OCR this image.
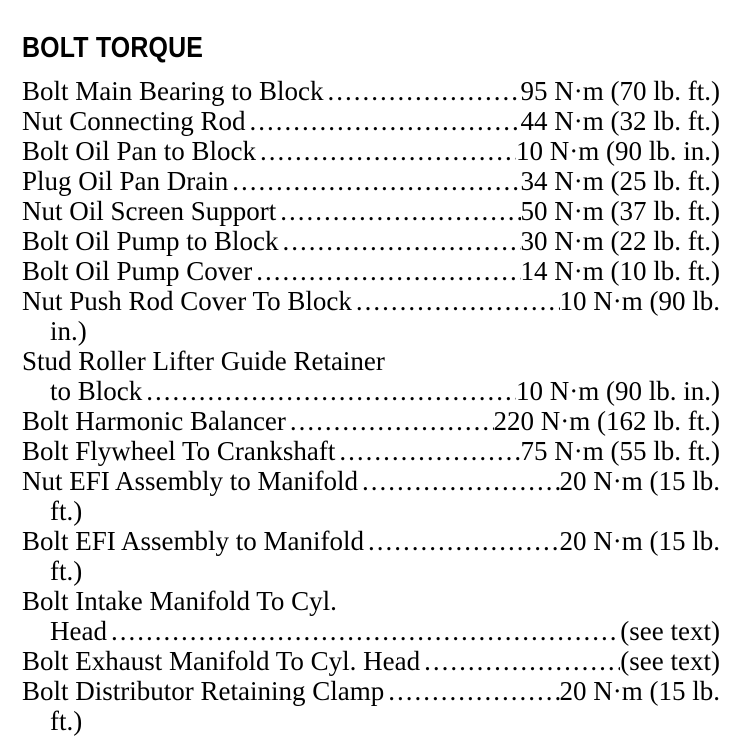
BOLT TORQUE
Bolt Main Bearing to Block .....	95 N·m (70 lb. ft.)
Nut Connecting Rod .....	44 N·m (32 lb. ft.)
Bolt Oil Pan to Block .....	10 N·m (90 lb. in.)
Plug Oil Pan Drain .....	34 N·m (25 lb. ft.)
Nut Oil Screen Support .....	50 N·m (37 lb. ft.)
Bolt Oil Pump to Block .....	30 N·m (22 lb. ft.)
Bolt Oil Pump Cover .....	14 N·m (10 lb. ft.)
Nut Push Rod Cover To Block .....	10 N·m (90 lb.
in.)
Stud Roller Lifter Guide Retainer
to Block .....	10 N·m (90 lb. in.)
Bolt Harmonic Balancer .....	220 N·m (162 lb. ft.)
Bolt Flywheel To Crankshaft .....	75 N·m (55 lb. ft.)
Nut EFI Assembly to Manifold .....	20 N·m (15 lb.
ft.)
Bolt EFI Assembly to Manifold .....	20 N·m (15 lb.
ft.)
Bolt Intake Manifold To Cyl.
Head .....	(see text)
Bolt Exhaust Manifold To Cyl. Head .....	(see text)
Bolt Distributor Retaining Clamp .....	20 N·m (15 lb.
ft.)
